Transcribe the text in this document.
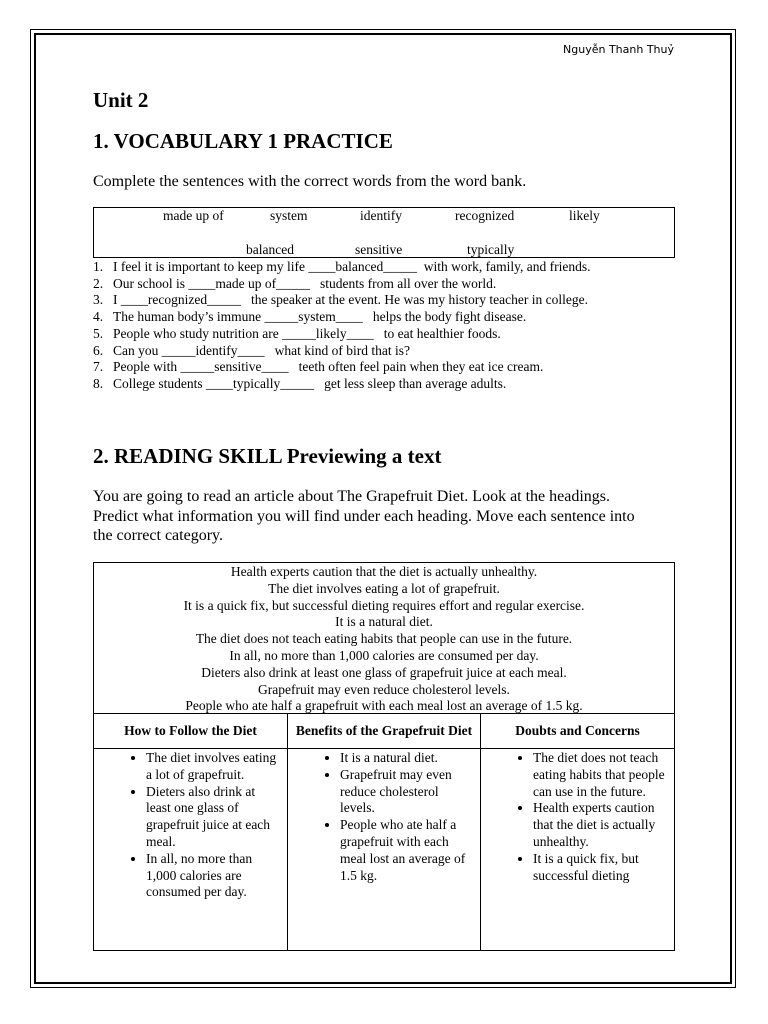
Nguyễn Thanh Thuỷ
Unit 2
1. VOCABULARY 1 PRACTICE

Complete the sentences with the correct words from the word bank.

made up of	system	identify	recognized	likely
balanced	sensitive	typically
1. I feel it is important to keep my life ____balanced_____  with work, family, and friends.
2. Our school is ____made up of_____   students from all over the world.
3. I ____recognized_____   the speaker at the event. He was my history teacher in college.
4. The human body’s immune _____system____   helps the body fight disease.
5. People who study nutrition are _____likely____   to eat healthier foods.
6. Can you _____identify____   what kind of bird that is?
7. People with _____sensitive____   teeth often feel pain when they eat ice cream.
8. College students ____typically_____   get less sleep than average adults.
2. READING SKILL Previewing a text

You are going to read an article about The Grapefruit Diet. Look at the headings. Predict what information you will find under each heading. Move each sentence into the correct category.

Health experts caution that the diet is actually unhealthy.
The diet involves eating a lot of grapefruit.
It is a quick fix, but successful dieting requires effort and regular exercise.
It is a natural diet.
The diet does not teach eating habits that people can use in the future.
In all, no more than 1,000 calories are consumed per day.
Dieters also drink at least one glass of grapefruit juice at each meal.
Grapefruit may even reduce cholesterol levels.
People who ate half a grapefruit with each meal lost an average of 1.5 kg.
How to Follow the Diet
• The diet involves eating a lot of grapefruit.
• Dieters also drink at least one glass of grapefruit juice at each meal.
• In all, no more than 1,000 calories are consumed per day.
Benefits of the Grapefruit Diet
• It is a natural diet.
• Grapefruit may even reduce cholesterol levels.
• People who ate half a grapefruit with each meal lost an average of 1.5 kg.
Doubts and Concerns
• The diet does not teach eating habits that people can use in the future.
• Health experts caution that the diet is actually unhealthy.
• It is a quick fix, but successful dieting
